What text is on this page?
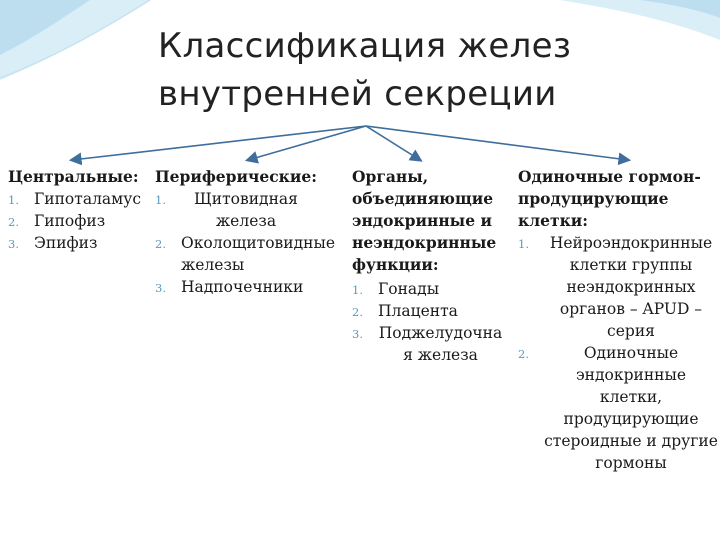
Классификация желез
внутренней секреции
Центральные:
1. Гипоталамус
2. Гипофиз
3. Эпифиз
Периферические:
1.	Щитовидная железа
2. Околощитовидные железы
3. Надпочечники
Органы, объединяющие эндокринные и неэндокринные функции:
1. Гонады
2. Плацента
3. Поджелудочна я железа
Одиночные гормон-продуцирующие клетки:
1.	Нейроэндокринные клетки группы неэндокринных органов – APUD – серия
2.	Одиночные эндокринные клетки, продуцирующие стероидные и другие гормоны
